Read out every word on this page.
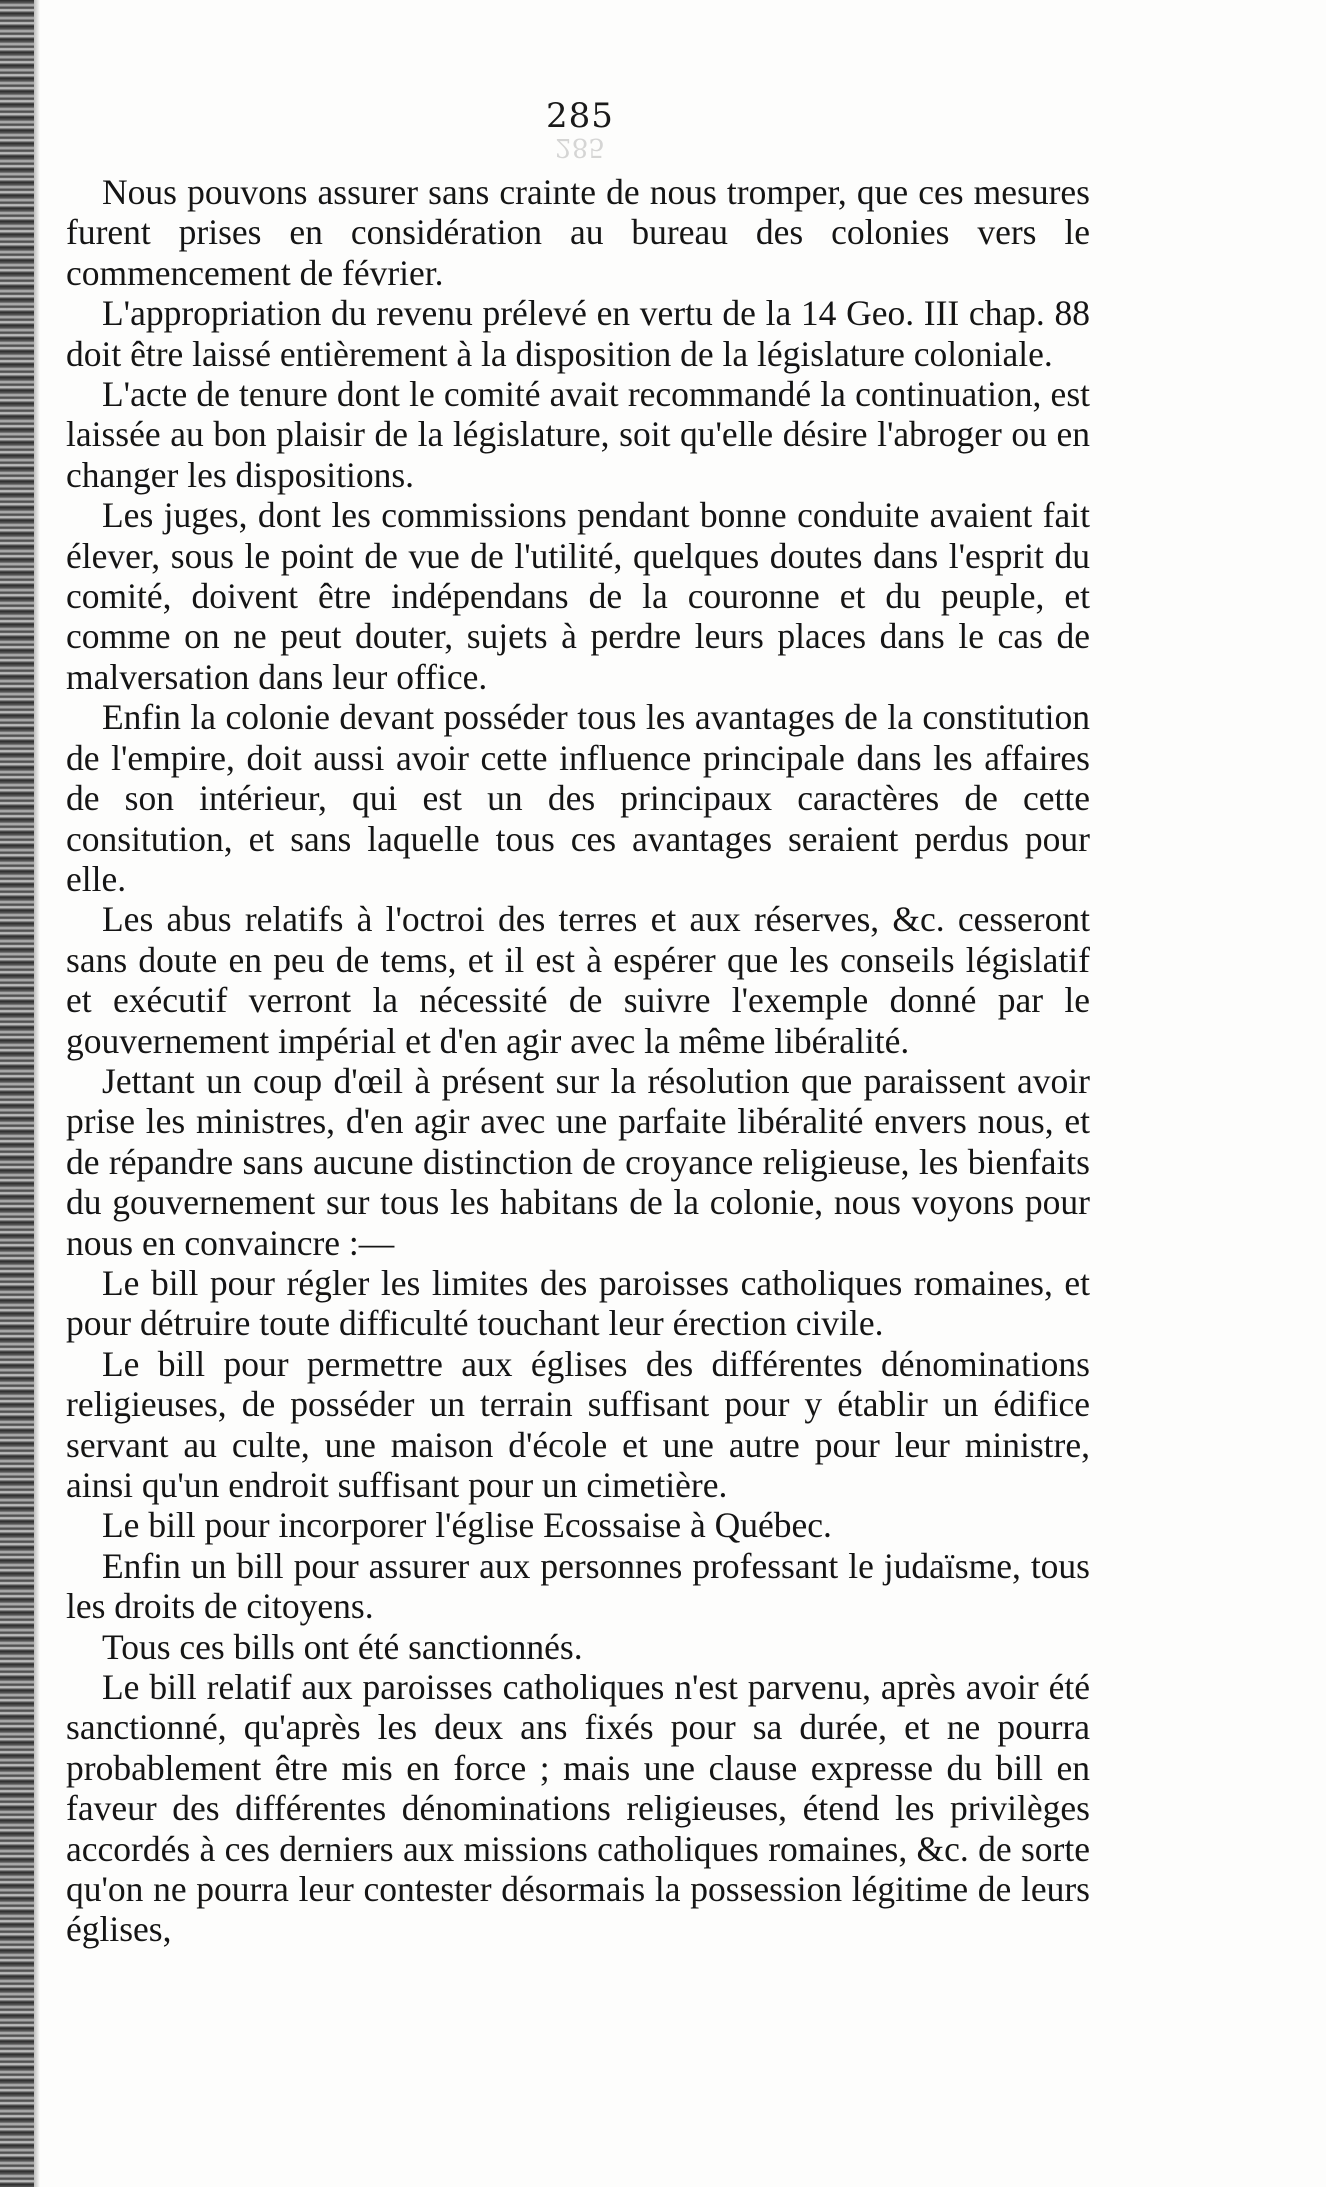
285
285

Nous pouvons assurer sans crainte de nous tromper, que ces mesures furent prises en considération au bureau des colonies vers le commencement de février.

L'appropriation du revenu prélevé en vertu de la 14 Geo. III chap. 88 doit être laissé entièrement à la disposition de la législature coloniale.

L'acte de tenure dont le comité avait recommandé la continuation, est laissée au bon plaisir de la législature, soit qu'elle désire l'abroger ou en changer les dispositions.

Les juges, dont les commissions pendant bonne conduite avaient fait élever, sous le point de vue de l'utilité, quelques doutes dans l'esprit du comité, doivent être indépendans de la couronne et du peuple, et comme on ne peut douter, sujets à perdre leurs places dans le cas de malversation dans leur office.

Enfin la colonie devant posséder tous les avantages de la constitution de l'empire, doit aussi avoir cette influence principale dans les affaires de son intérieur, qui est un des principaux caractères de cette consitution, et sans laquelle tous ces avantages seraient perdus pour elle.

Les abus relatifs à l'octroi des terres et aux réserves, &c. cesseront sans doute en peu de tems, et il est à espérer que les conseils législatif et exécutif verront la nécessité de suivre l'exemple donné par le gouvernement impérial et d'en agir avec la même libéralité.

Jettant un coup d'œil à présent sur la résolution que paraissent avoir prise les ministres, d'en agir avec une parfaite libéralité envers nous, et de répandre sans aucune distinction de croyance religieuse, les bienfaits du gouvernement sur tous les habitans de la colonie, nous voyons pour nous en convaincre :—

Le bill pour régler les limites des paroisses catholiques romaines, et pour détruire toute difficulté touchant leur érection civile.

Le bill pour permettre aux églises des différentes dénominations religieuses, de posséder un terrain suffisant pour y établir un édifice servant au culte, une maison d'école et une autre pour leur ministre, ainsi qu'un endroit suffisant pour un cimetière.

Le bill pour incorporer l'église Ecossaise à Québec.

Enfin un bill pour assurer aux personnes professant le judaïsme, tous les droits de citoyens.

Tous ces bills ont été sanctionnés.

Le bill relatif aux paroisses catholiques n'est parvenu, après avoir été sanctionné, qu'après les deux ans fixés pour sa durée, et ne pourra probablement être mis en force ; mais une clause expresse du bill en faveur des différentes dénominations religieuses, étend les privilèges accordés à ces derniers aux missions catholiques romaines, &c. de sorte qu'on ne pourra leur contester désormais la possession légitime de leurs églises,
